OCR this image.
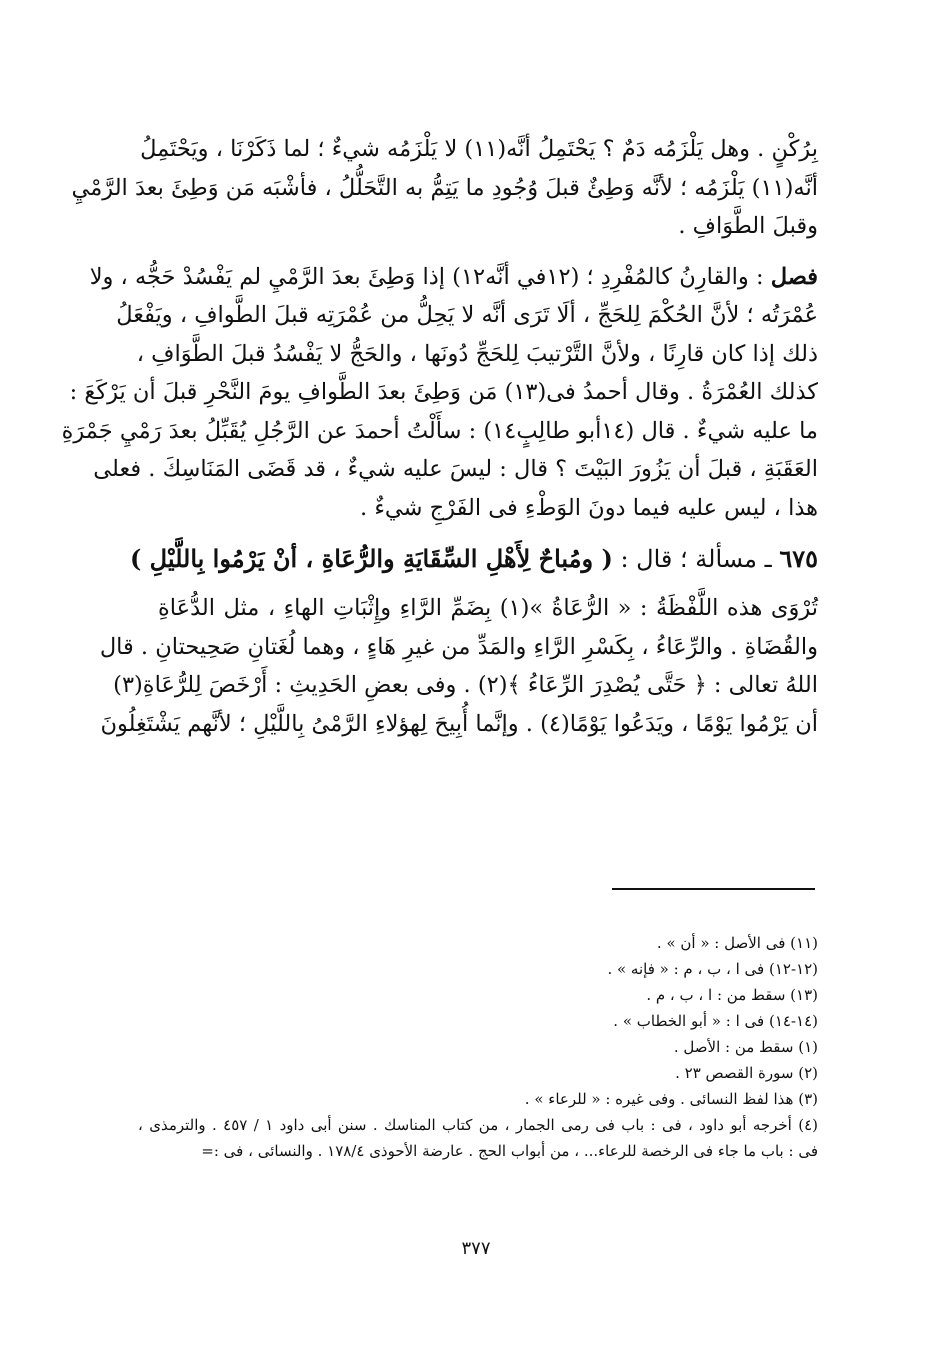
بِرُكْنٍ . وهل يَلْزَمُه دَمٌ ؟ يَحْتَمِلُ أنَّه(١١) لا يَلْزَمُه شيءٌ ؛ لما ذَكَرْنَا ، ويَحْتَمِلُ
أنَّه(١١) يَلْزَمُه ؛ لأنَّه وَطِئٌ قبلَ وُجُودِ ما يَتِمُّ به التَّحَلُّلُ ، فأشْبَه مَن وَطِئَ بعدَ الرَّمْيِ
وقبلَ الطَّوَافِ .
فصل : والقارِنُ كالمُفْرِدِ ؛ (١٢في أنَّه١٢) إذا وَطِئَ بعدَ الرَّمْيِ لم يَفْسُدْ حَجُّه ، ولا
عُمْرَتُه ؛ لأنَّ الحُكْمَ لِلحَجِّ ، ألَا تَرَى أنَّه لا يَحِلُّ من عُمْرَتِه قبلَ الطَّوافِ ، ويَفْعَلُ
ذلك إذا كان قارِنًا ، ولأنَّ التَّرْتيبَ لِلحَجِّ دُونَها ، والحَجُّ لا يَفْسُدُ قبلَ الطَّوَافِ ،
كذلك العُمْرَةُ . وقال أحمدُ فى(١٣) مَن وَطِئَ بعدَ الطَّوافِ يومَ النَّحْرِ قبلَ أن يَرْكَعَ :
ما عليه شيءٌ . قال (١٤أبو طالِبٍ١٤) : سأَلْتُ أحمدَ عن الرَّجُلِ يُقَبِّلُ بعدَ رَمْيِ جَمْرَةِ
العَقَبَةِ ، قبلَ أن يَزُورَ البَيْتَ ؟ قال : ليسَ عليه شيءٌ ، قد قَضَى المَنَاسِكَ . فعلى
هذا ، ليس عليه فيما دونَ الوَطْءِ فى الفَرْجِ شيءٌ .
٦٧٥ ـ مسألة ؛ قال : ( ومُباحٌ لِأَهْلِ السِّقَايَةِ والرُّعَاةِ ، أنْ يَرْمُوا بِاللَّيْلِ )
تُرْوَى هذه اللَّفْظَةُ : « الرُّعَاةُ »(١) بِضَمِّ الرَّاءِ وإِثْبَاتِ الهاءِ ، مثل الدُّعَاةِ
والقُضَاةِ . والرِّعَاءُ ، بِكَسْرِ الرَّاءِ والمَدِّ من غيرِ هَاءٍ ، وهما لُغَتانِ صَحِيحتانِ . قال
اللهُ تعالى : ﴿ حَتَّى يُصْدِرَ الرِّعَاءُ ﴾(٢) . وفى بعضِ الحَدِيثِ : أَرْخَصَ لِلرُّعَاةِ(٣)
أن يَرْمُوا يَوْمًا ، ويَدَعُوا يَوْمًا(٤) . وإنَّما أُبِيحَ لِهؤلاءِ الرَّمْىُ بِاللَّيْلِ ؛ لأنَّهم يَشْتَغِلُونَ
(١١) فى الأصل : « أن » .
(١٢-١٢) فى ا ، ب ، م : « فإنه » .
(١٣) سقط من : ا ، ب ، م .
(١٤-١٤) فى ا : « أبو الخطاب » .
(١) سقط من : الأصل .
(٢) سورة القصص ٢٣ .
(٣) هذا لفظ النسائى . وفى غيره : « للرعاء » .
(٤) أخرجه أبو داود ، فى : باب فى رمى الجمار ، من كتاب المناسك . سنن أبى داود ١ / ٤٥٧ . والترمذى ،
فى : باب ما جاء فى الرخصة للرعاء... ، من أبواب الحج . عارضة الأحوذى ١٧٨/٤ . والنسائى ، فى :=
٣٧٧
